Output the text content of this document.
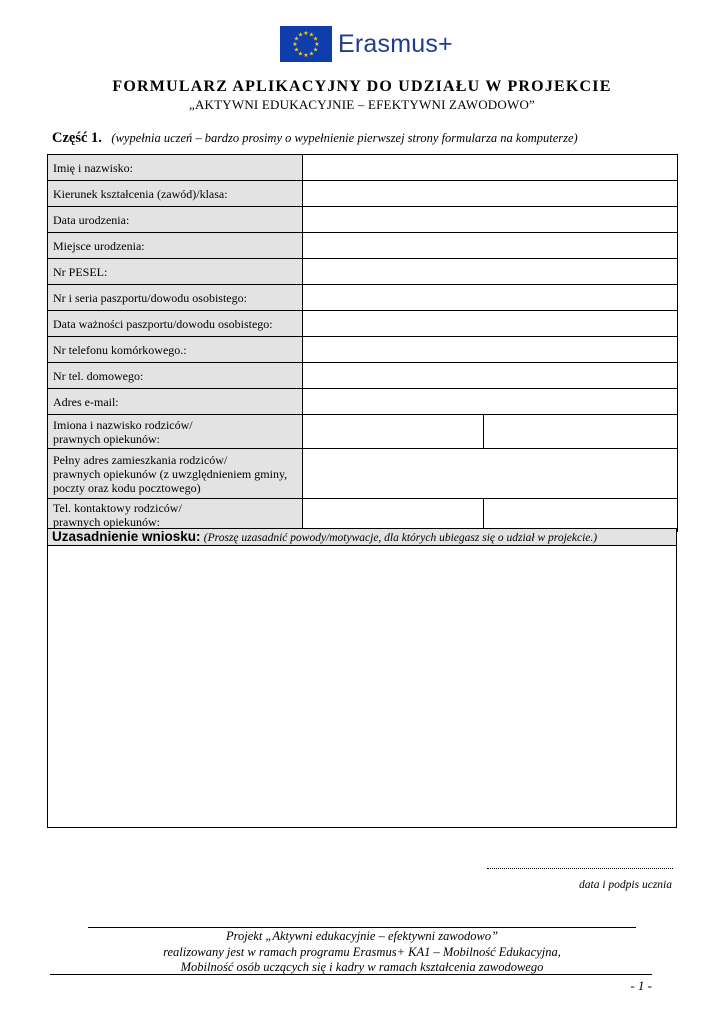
★ ★
★
★
★
★
★
★
★
★
★
★ Erasmus+
FORMULARZ APLIKACYJNY DO UDZIAŁU W PROJEKCIE
„AKTYWNI EDUKACYJNIE – EFEKTYWNI ZAWODOWO”
Część 1. (wypełnia uczeń – bardzo prosimy o wypełnienie pierwszej strony formularza na komputerze)
Imię i nazwisko:		
Kierunek kształcenia (zawód)/klasa:		
Data urodzenia:		
Miejsce urodzenia:		
Nr PESEL:		
Nr i seria paszportu/dowodu osobistego:		
Data ważności paszportu/dowodu osobistego:		
Nr telefonu komórkowego.:		
Nr tel. domowego:		
Adres e-mail:		

Imiona i nazwisko rodziców/
prawnych opiekunów:		

Pełny adres zamieszkania rodziców/
prawnych opiekunów (z uwzględnieniem gminy,
poczty oraz kodu pocztowego)		

Tel. kontaktowy rodziców/
prawnych opiekunów:		

Uzasadnienie wniosku: (Proszę uzasadnić powody/motywacje, dla których ubiegasz się o udział w projekcie.)
data i podpis ucznia
Projekt „Aktywni edukacyjnie – efektywni zawodowo”
realizowany jest w ramach programu Erasmus+ KA1 – Mobilność Edukacyjna,
Mobilność osób uczących się i kadry w ramach kształcenia zawodowego
- 1 -
